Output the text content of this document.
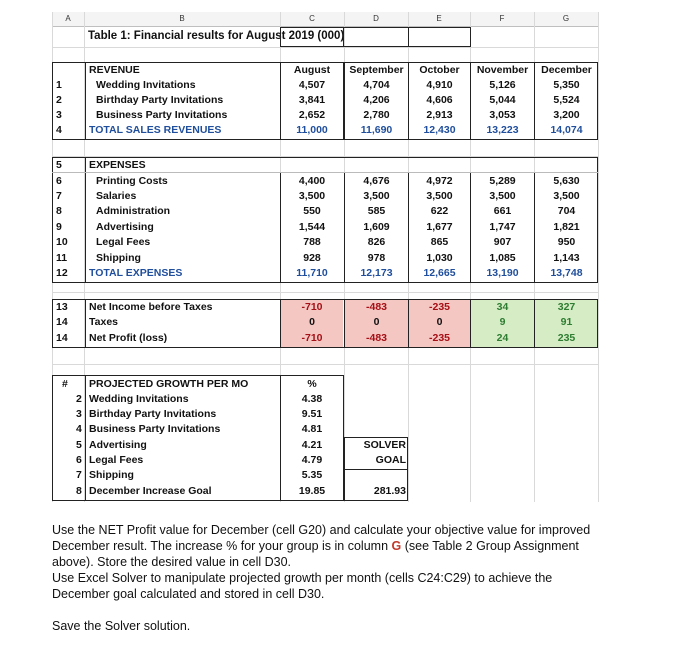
A	B	C	D	E	F	G
Table 1: Financial results for August 2019 (000)
REVENUE	August	September	October	November	December
1	Wedding Invitations	4,507	4,704	4,910	5,126	5,350
2	Birthday Party Invitations	3,841	4,206	4,606	5,044	5,524
3	Business Party Invitations	2,652	2,780	2,913	3,053	3,200
4	TOTAL SALES REVENUES	11,000	11,690	12,430	13,223	14,074
5	EXPENSES
6	Printing Costs	4,400	4,676	4,972	5,289	5,630
7	Salaries	3,500	3,500	3,500	3,500	3,500
8	Administration	550	585	622	661	704
9	Advertising	1,544	1,609	1,677	1,747	1,821
10	Legal Fees	788	826	865	907	950
11	Shipping	928	978	1,030	1,085	1,143
12 TOTAL EXPENSES	11,710	12,173	12,665	13,190	13,748
13 Net Income before Taxes	-710	-483	-235	34	327
14 Taxes	0	0	0	9	91
14 Net Profit (loss)	-710	-483	-235	24	235
# PROJECTED GROWTH PER MO	%
2 Wedding Invitations	4.38
3 Birthday Party Invitations	9.51
4 Business Party Invitations	4.81
5 Advertising	4.21
6 Legal Fees	4.79
7 Shipping	5.35
8 December Increase Goal	19.85
SOLVER
GOAL
281.93
Use the NET Profit value for December (cell G20) and calculate your objective value for improved
December result. The increase % for your group is in column G (see Table 2 Group Assignment
above). Store the desired value in cell D30.
Use Excel Solver to manipulate projected growth per month (cells C24:C29) to achieve the
December goal calculated and stored in cell D30.
Save the Solver solution.
